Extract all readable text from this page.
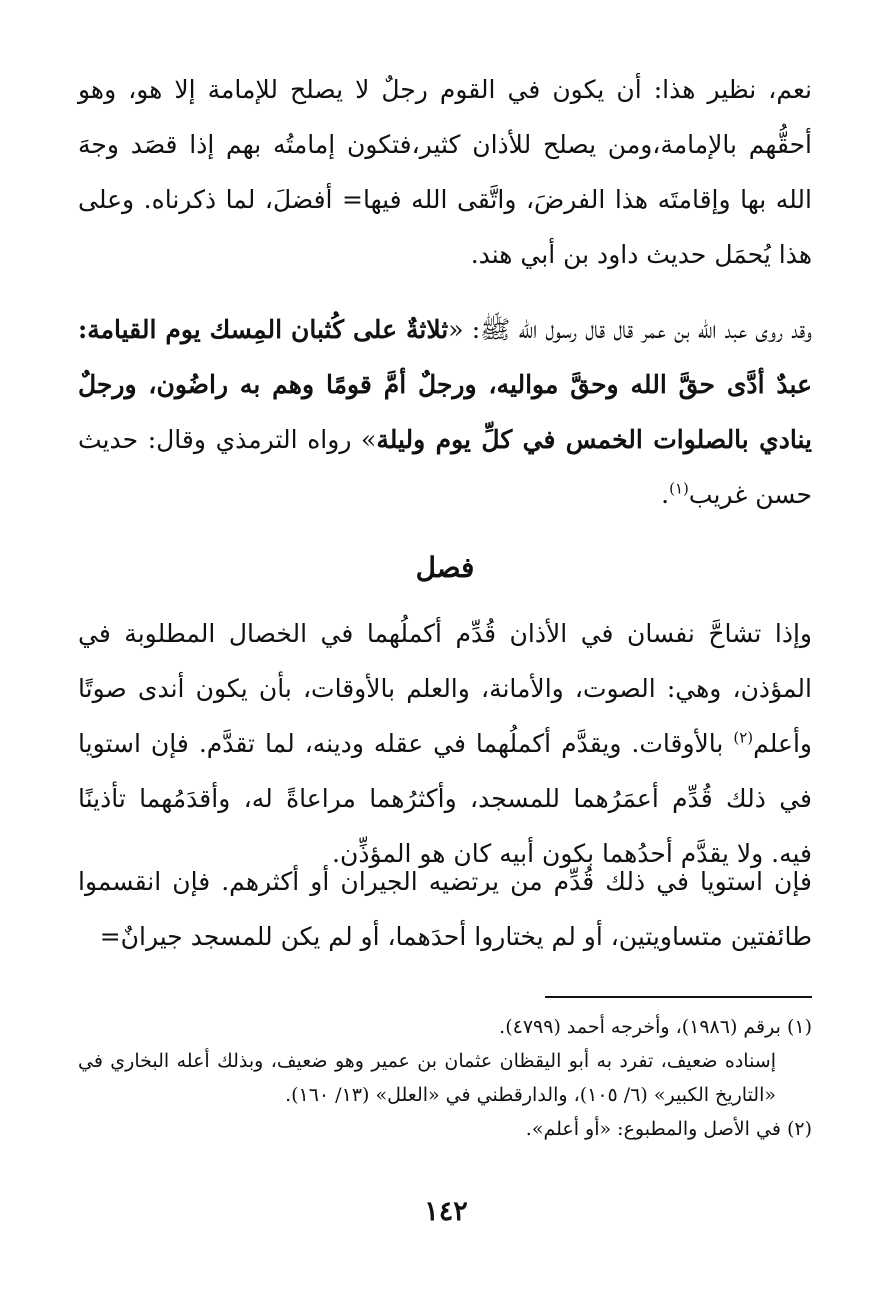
نعم، نظير هذا: أن يكون في القوم رجلٌ لا يصلح للإمامة إلا هو، وهو أحقُّهم بالإمامة،ومن يصلح للأذان كثير،فتكون إمامتُه بهم إذا قصَد وجهَ الله بها وإقامتَه هذا الفرضَ، واتَّقى الله فيها= أفضلَ، لما ذكرناه. وعلى هذا يُحمَل حديث داود بن أبي هند.

وقد روى عبد الله بن عمر قال قال رسول الله ﷺ: «ثلاثةٌ على كُثبان المِسك يوم القيامة: عبدٌ أدَّى حقَّ الله وحقَّ مواليه، ورجلٌ أمَّ قومًا وهم به راضُون، ورجلٌ ينادي بالصلوات الخمس في كلِّ يوم وليلة» رواه الترمذي وقال: حديث حسن غريب$^{(١)}$.

فصل

وإذا تشاحَّ نفسان في الأذان قُدِّم أكملُهما في الخصال المطلوبة في المؤذن، وهي: الصوت، والأمانة، والعلم بالأوقات، بأن يكون أندى صوتًا وأعلم$^{(٢)}$ بالأوقات. ويقدَّم أكملُهما في عقله ودينه، لما تقدَّم. فإن استويا في ذلك قُدِّم أعمَرُهما للمسجد، وأكثرُهما مراعاةً له، وأقدَمُهما تأذينًا فيه. ولا يقدَّم أحدُهما بكون أبيه كان هو المؤذِّن.

فإن استويا في ذلك قُدِّم من يرتضيه الجيران أو أكثرهم. فإن انقسموا طائفتين متساويتين، أو لم يختاروا أحدَهما، أو لم يكن للمسجد جيرانٌ=

(١) برقم (١٩٨٦)، وأخرجه أحمد (٤٧٩٩).

إسناده ضعيف، تفرد به أبو اليقظان عثمان بن عمير وهو ضعيف، وبذلك أعله البخاري في «التاريخ الكبير» (٦/ ١٠٥)، والدارقطني في «العلل» (١٣/ ١٦٠).

(٢) في الأصل والمطبوع: «أو أعلم».

١٤٢
